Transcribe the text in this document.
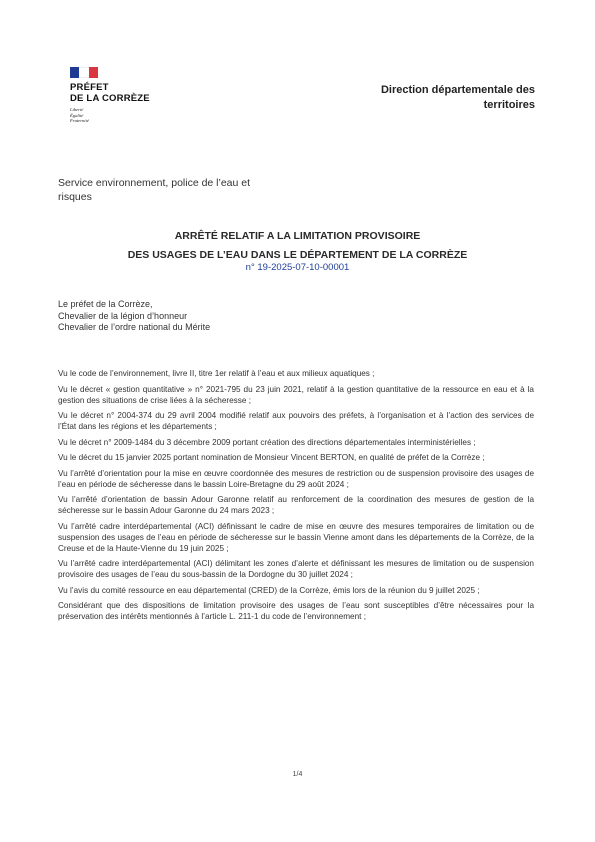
PRÉFET
DE LA CORRÈZE
Liberté
Égalité
Fraternité
Direction départementale des territoires
Service environnement, police de l’eau et risques
ARRÊTÉ RELATIF A LA LIMITATION PROVISOIRE
DES USAGES DE L’EAU DANS LE DÉPARTEMENT DE LA CORRÈZE
n° 19-2025-07-10-00001
Le préfet de la Corrèze,
Chevalier de la légion d’honneur
Chevalier de l’ordre national du Mérite

Vu le code de l’environnement, livre II, titre 1er relatif à l’eau et aux milieux aquatiques ;

Vu le décret « gestion quantitative » n° 2021-795 du 23 juin 2021, relatif à la gestion quantitative de la ressource en eau et à la gestion des situations de crise liées à la sécheresse ;

Vu le décret n° 2004-374 du 29 avril 2004 modifié relatif aux pouvoirs des préfets, à l’organisation et à l’action des services de l’État dans les régions et les départements ;

Vu le décret n° 2009-1484 du 3 décembre 2009 portant création des directions départementales interministérielles ;

Vu le décret du 15 janvier 2025 portant nomination de Monsieur Vincent BERTON, en qualité de préfet de la Corrèze ;

Vu l’arrêté d’orientation pour la mise en œuvre coordonnée des mesures de restriction ou de suspension provisoire des usages de l’eau en période de sécheresse dans le bassin Loire-Bretagne du 29 août 2024 ;

Vu l’arrêté d’orientation de bassin Adour Garonne relatif au renforcement de la coordination des mesures de gestion de la sécheresse sur le bassin Adour Garonne du 24 mars 2023 ;

Vu l’arrêté cadre interdépartemental (ACI) définissant le cadre de mise en œuvre des mesures temporaires de limitation ou de suspension des usages de l’eau en période de sécheresse sur le bassin Vienne amont dans les départements de la Corrèze, de la Creuse et de la Haute-Vienne du 19 juin 2025 ;

Vu l’arrêté cadre interdépartemental (ACI) délimitant les zones d’alerte et définissant les mesures de limitation ou de suspension provisoire des usages de l’eau du sous-bassin de la Dordogne du 30 juillet 2024 ;

Vu l’avis du comité ressource en eau départemental (CRED) de la Corrèze, émis lors de la réunion du 9 juillet 2025 ;

Considérant que des dispositions de limitation provisoire des usages de l’eau sont susceptibles d’être nécessaires pour la préservation des intérêts mentionnés à l’article L. 211-1 du code de l’environnement ;

1/4
